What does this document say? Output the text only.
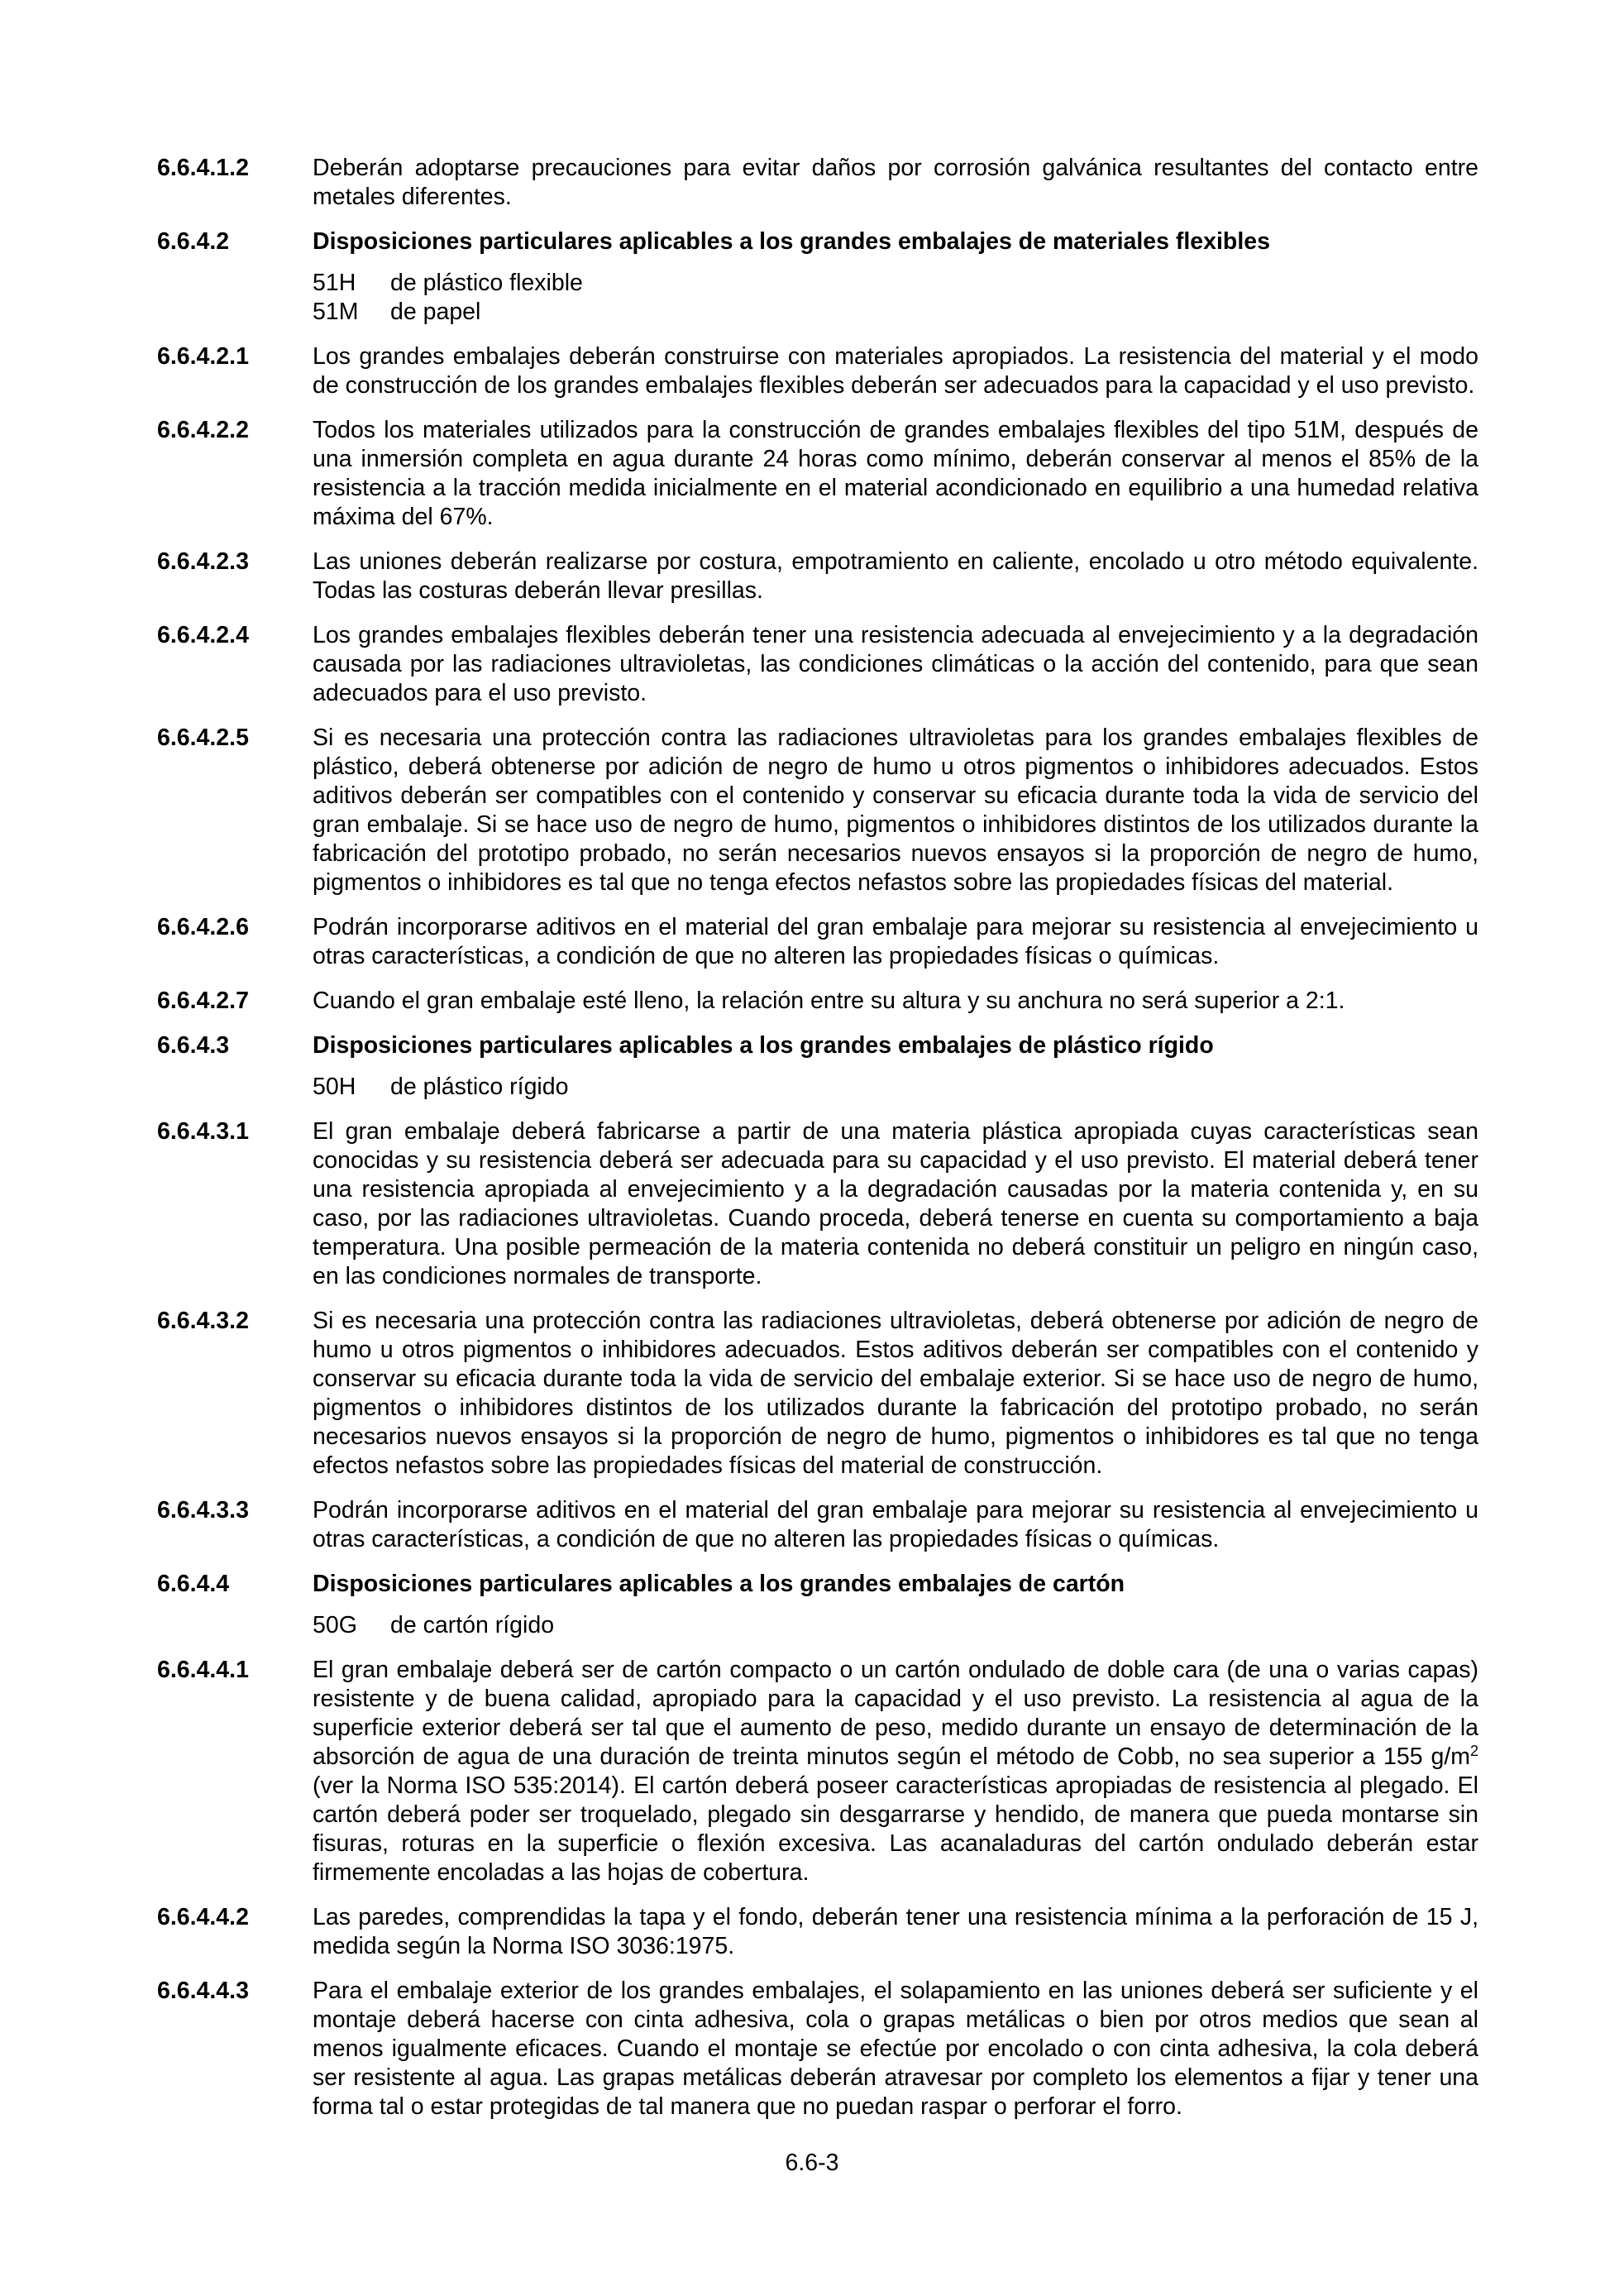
6.6.4.1.2	Deberán adoptarse precauciones para evitar daños por corrosión galvánica resultantes del contacto entre metales diferentes.
6.6.4.2	Disposiciones particulares aplicables a los grandes embalajes de materiales flexibles
51H	de plástico flexible
51M	de papel
6.6.4.2.1	Los grandes embalajes deberán construirse con materiales apropiados. La resistencia del material y el modo de construcción de los grandes embalajes flexibles deberán ser adecuados para la capacidad y el uso previsto.
6.6.4.2.2	Todos los materiales utilizados para la construcción de grandes embalajes flexibles del tipo 51M, después de una inmersión completa en agua durante 24 horas como mínimo, deberán conservar al menos el 85% de la resistencia a la tracción medida inicialmente en el material acondicionado en equilibrio a una humedad relativa máxima del 67%.
6.6.4.2.3	Las uniones deberán realizarse por costura, empotramiento en caliente, encolado u otro método equivalente. Todas las costuras deberán llevar presillas.
6.6.4.2.4	Los grandes embalajes flexibles deberán tener una resistencia adecuada al envejecimiento y a la degradación causada por las radiaciones ultravioletas, las condiciones climáticas o la acción del contenido, para que sean adecuados para el uso previsto.
6.6.4.2.5	Si es necesaria una protección contra las radiaciones ultravioletas para los grandes embalajes flexibles de plástico, deberá obtenerse por adición de negro de humo u otros pigmentos o inhibidores adecuados. Estos aditivos deberán ser compatibles con el contenido y conservar su eficacia durante toda la vida de servicio del gran embalaje. Si se hace uso de negro de humo, pigmentos o inhibidores distintos de los utilizados durante la fabricación del prototipo probado, no serán necesarios nuevos ensayos si la proporción de negro de humo, pigmentos o inhibidores es tal que no tenga efectos nefastos sobre las propiedades físicas del material.
6.6.4.2.6	Podrán incorporarse aditivos en el material del gran embalaje para mejorar su resistencia al envejecimiento u otras características, a condición de que no alteren las propiedades físicas o químicas.
6.6.4.2.7	Cuando el gran embalaje esté lleno, la relación entre su altura y su anchura no será superior a 2:1.
6.6.4.3	Disposiciones particulares aplicables a los grandes embalajes de plástico rígido
50H	de plástico rígido
6.6.4.3.1	El gran embalaje deberá fabricarse a partir de una materia plástica apropiada cuyas características sean conocidas y su resistencia deberá ser adecuada para su capacidad y el uso previsto. El material deberá tener una resistencia apropiada al envejecimiento y a la degradación causadas por la materia contenida y, en su caso, por las radiaciones ultravioletas. Cuando proceda, deberá tenerse en cuenta su comportamiento a baja temperatura. Una posible permeación de la materia contenida no deberá constituir un peligro en ningún caso, en las condiciones normales de transporte.
6.6.4.3.2	Si es necesaria una protección contra las radiaciones ultravioletas, deberá obtenerse por adición de negro de humo u otros pigmentos o inhibidores adecuados. Estos aditivos deberán ser compatibles con el contenido y conservar su eficacia durante toda la vida de servicio del embalaje exterior. Si se hace uso de negro de humo, pigmentos o inhibidores distintos de los utilizados durante la fabricación del prototipo probado, no serán necesarios nuevos ensayos si la proporción de negro de humo, pigmentos o inhibidores es tal que no tenga efectos nefastos sobre las propiedades físicas del material de construcción.
6.6.4.3.3	Podrán incorporarse aditivos en el material del gran embalaje para mejorar su resistencia al envejecimiento u otras características, a condición de que no alteren las propiedades físicas o químicas.
6.6.4.4	Disposiciones particulares aplicables a los grandes embalajes de cartón
50G	de cartón rígido
6.6.4.4.1	El gran embalaje deberá ser de cartón compacto o un cartón ondulado de doble cara (de una o varias capas) resistente y de buena calidad, apropiado para la capacidad y el uso previsto. La resistencia al agua de la superficie exterior deberá ser tal que el aumento de peso, medido durante un ensayo de determinación de la absorción de agua de una duración de treinta minutos según el método de Cobb, no sea superior a 155 $g/m^2$ (ver la Norma ISO 535:2014). El cartón deberá poseer características apropiadas de resistencia al plegado. El cartón deberá poder ser troquelado, plegado sin desgarrarse y hendido, de manera que pueda montarse sin fisuras, roturas en la superficie o flexión excesiva. Las acanaladuras del cartón ondulado deberán estar firmemente encoladas a las hojas de cobertura.
6.6.4.4.2	Las paredes, comprendidas la tapa y el fondo, deberán tener una resistencia mínima a la perforación de 15 J, medida según la Norma ISO 3036:1975.
6.6.4.4.3	Para el embalaje exterior de los grandes embalajes, el solapamiento en las uniones deberá ser suficiente y el montaje deberá hacerse con cinta adhesiva, cola o grapas metálicas o bien por otros medios que sean al menos igualmente eficaces. Cuando el montaje se efectúe por encolado o con cinta adhesiva, la cola deberá ser resistente al agua. Las grapas metálicas deberán atravesar por completo los elementos a fijar y tener una forma tal o estar protegidas de tal manera que no puedan raspar o perforar el forro.
6.6-3
